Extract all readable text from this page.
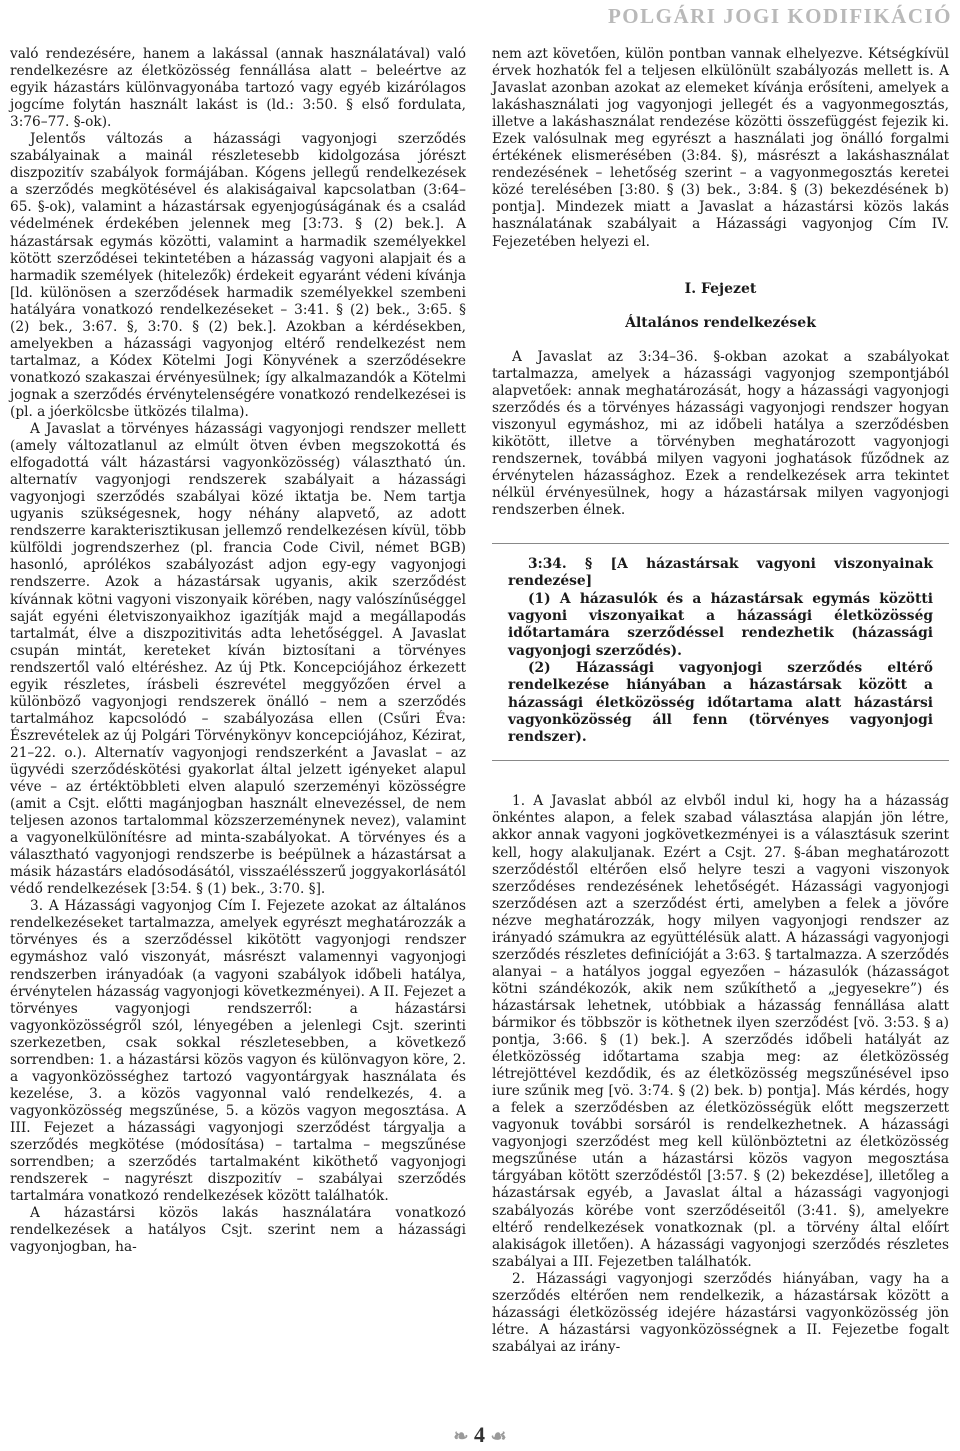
POLGÁRI JOGI KODIFIKÁCIÓ

való rendezésére, hanem a lakással (annak használatával) való rendelkezésre az életközösség fennállása alatt – beleértve az egyik házastárs különvagyonába tartozó vagy egyéb kizárólagos jogcíme folytán használt lakást is (ld.: 3:50. § első fordulata, 3:76–77. §-ok).

Jelentős változás a házassági vagyonjogi szerződés szabályainak a mainál részletesebb kidolgozása jórészt diszpozitív szabályok formájában. Kógens jellegű rendelkezések a szerződés megkötésével és alakiságaival kapcsolatban (3:64–65. §-ok), valamint a házastársak egyenjogúságának és a család védelmének érdekében jelennek meg [3:73. § (2) bek.]. A házastársak egymás közötti, valamint a harmadik személyekkel kötött szerződései tekintetében a házasság vagyoni alapjait és a harmadik személyek (hitelezők) érdekeit egyaránt védeni kívánja [ld. különösen a szerződések harmadik személyekkel szembeni hatályára vonatkozó rendelkezéseket – 3:41. § (2) bek., 3:65. § (2) bek., 3:67. §, 3:70. § (2) bek.]. Azokban a kérdésekben, amelyekben a házassági vagyonjog eltérő rendelkezést nem tartalmaz, a Kódex Kötelmi Jogi Könyvének a szerződésekre vonatkozó szakaszai érvényesülnek; így alkalmazandók a Kötelmi jognak a szerződés érvénytelenségére vonatkozó rendelkezései is (pl. a jóerkölcsbe ütközés tilalma).

A Javaslat a törvényes házassági vagyonjogi rendszer mellett (amely változatlanul az elmúlt ötven évben megszokottá és elfogadottá vált házastársi vagyonközösség) választható ún. alternatív vagyonjogi rendszerek szabályait a házassági vagyonjogi szerződés szabályai közé iktatja be. Nem tartja ugyanis szükségesnek, hogy néhány alapvető, az adott rendszerre karakterisztikusan jellemző rendelkezésen kívül, több külföldi jogrendszerhez (pl. francia Code Civil, német BGB) hasonló, aprólékos szabályozást adjon egy-egy vagyonjogi rendszerre. Azok a házastársak ugyanis, akik szerződést kívánnak kötni vagyoni viszonyaik körében, nagy valószínűséggel saját egyéni életviszonyaikhoz igazítják majd a megállapodás tartalmát, élve a diszpozitivitás adta lehetőséggel. A Javaslat csupán mintát, kereteket kíván biztosítani a törvényes rendszertől való eltéréshez. Az új Ptk. Koncepciójához érkezett egyik részletes, írásbeli észrevétel meggyőzően érvel a különböző vagyonjogi rendszerek önálló – nem a szerződés tartalmához kapcsolódó – szabályozása ellen (Csűri Éva: Észrevételek az új Polgári Törvénykönyv koncepciójához, Kézirat, 21–22. o.). Alternatív vagyonjogi rendszerként a Javaslat – az ügyvédi szerződéskötési gyakorlat által jelzett igényeket alapul véve – az értéktöbbleti elven alapuló szerzeményi közösségre (amit a Csjt. előtti magánjogban használt elnevezéssel, de nem teljesen azonos tartalommal közszerzeménynek nevez), valamint a vagyonelkülönítésre ad minta-szabályokat. A törvényes és a választható vagyonjogi rendszerbe is beépülnek a házastársat a másik házastárs eladósodásától, visszaélésszerű joggyakorlásától védő rendelkezések [3:54. § (1) bek., 3:70. §].

3. A Házassági vagyonjog Cím I. Fejezete azokat az általános rendelkezéseket tartalmazza, amelyek egyrészt meghatározzák a törvényes és a szerződéssel kikötött vagyonjogi rendszer egymáshoz való viszonyát, másrészt valamennyi vagyonjogi rendszerben irányadóak (a vagyoni szabályok időbeli hatálya, érvénytelen házasság vagyonjogi következményei). A II. Fejezet a törvényes vagyonjogi rendszerről: a házastársi vagyonközösségről szól, lényegében a jelenlegi Csjt. szerinti szerkezetben, csak sokkal részletesebben, a következő sorrendben: 1. a házastársi közös vagyon és különvagyon köre, 2. a vagyonközösséghez tartozó vagyontárgyak használata és kezelése, 3. a közös vagyonnal való rendelkezés, 4. a vagyonközösség megszűnése, 5. a közös vagyon megosztása. A III. Fejezet a házassági vagyonjogi szerződést tárgyalja a szerződés megkötése (módosítása) – tartalma – megszűnése sorrendben; a szerződés tartalmaként kiköthető vagyonjogi rendszerek – nagyrészt diszpozitív – szabályai szerződés tartalmára vonatkozó rendelkezések között találhatók.

A házastársi közös lakás használatára vonatkozó rendelkezések a hatályos Csjt. szerint nem a házassági vagyonjogban, ha-

nem azt követően, külön pontban vannak elhelyezve. Kétségkívül érvek hozhatók fel a teljesen elkülönült szabályozás mellett is. A Javaslat azonban azokat az elemeket kívánja erősíteni, amelyek a lakáshasználati jog vagyonjogi jellegét és a vagyonmegosztás, illetve a lakáshasználat rendezése közötti összefüggést fejezik ki. Ezek valósulnak meg egyrészt a használati jog önálló forgalmi értékének elismerésében (3:84. §), másrészt a lakáshasználat rendezésének – lehetőség szerint – a vagyonmegosztás keretei közé terelésében [3:80. § (3) bek., 3:84. § (3) bekezdésének b) pontja]. Mindezek miatt a Javaslat a házastársi közös lakás használatának szabályait a Házassági vagyonjog Cím IV. Fejezetében helyezi el.

I. Fejezet

Általános rendelkezések

A Javaslat az 3:34–36. §-okban azokat a szabályokat tartalmazza, amelyek a házassági vagyonjog szempontjából alapvetőek: annak meghatározását, hogy a házassági vagyonjogi szerződés és a törvényes házassági vagyonjogi rendszer hogyan viszonyul egymáshoz, mi az időbeli hatálya a szerződésben kikötött, illetve a törvényben meghatározott vagyonjogi rendszernek, továbbá milyen vagyoni joghatások fűződnek az érvénytelen házassághoz. Ezek a rendelkezések arra tekintet nélkül érvényesülnek, hogy a házastársak milyen vagyonjogi rendszerben élnek.

3:34. § [A házastársak vagyoni viszonyainak rendezése]

(1) A házasulók és a házastársak egymás közötti vagyoni viszonyaikat a házassági életközösség időtartamára szerződéssel rendezhetik (házassági vagyonjogi szerződés).

(2) Házassági vagyonjogi szerződés eltérő rendelkezése hiányában a házastársak között a házassági életközösség időtartama alatt házastársi vagyonközösség áll fenn (törvényes vagyonjogi rendszer).

1. A Javaslat abból az elvből indul ki, hogy ha a házasság önkéntes alapon, a felek szabad választása alapján jön létre, akkor annak vagyoni jogkövetkezményei is a választásuk szerint kell, hogy alakuljanak. Ezért a Csjt. 27. §-ában meghatározott szerződéstől eltérően első helyre teszi a vagyoni viszonyok szerződéses rendezésének lehetőségét. Házassági vagyonjogi szerződésen azt a szerződést érti, amelyben a felek a jövőre nézve meghatározzák, hogy milyen vagyonjogi rendszer az irányadó számukra az együttélésük alatt. A házassági vagyonjogi szerződés részletes definícióját a 3:63. § tartalmazza. A szerződés alanyai – a hatályos joggal egyezően – házasulók (házasságot kötni szándékozók, akik nem szűkíthető a „jegyesekre”) és házastársak lehetnek, utóbbiak a házasság fennállása alatt bármikor és többször is köthetnek ilyen szerződést [vö. 3:53. § a) pontja, 3:66. § (1) bek.]. A szerződés időbeli hatályát az életközösség időtartama szabja meg: az életközösség létrejöttével kezdődik, és az életközösség megszűnésével ipso iure szűnik meg [vö. 3:74. § (2) bek. b) pontja]. Más kérdés, hogy a felek a szerződésben az életközösségük előtt megszerzett vagyonuk további sorsáról is rendelkezhetnek. A házassági vagyonjogi szerződést meg kell különböztetni az életközösség megszűnése után a házastársi közös vagyon megosztása tárgyában kötött szerződéstől [3:57. § (2) bekezdése], illetőleg a házastársak egyéb, a Javaslat által a házassági vagyonjogi szabályozás körébe vont szerződéseitől (3:41. §), amelyekre eltérő rendelkezések vonatkoznak (pl. a törvény által előírt alakiságok illetően). A házassági vagyonjogi szerződés részletes szabályai a III. Fejezetben találhatók.

2. Házassági vagyonjogi szerződés hiányában, vagy ha a szerződés eltérően nem rendelkezik, a házastársak között a házassági életközösség idejére házastársi vagyonközösség jön létre. A házastársi vagyonközösségnek a II. Fejezetbe fogalt szabályai az irány-

❧ 4 ☙
